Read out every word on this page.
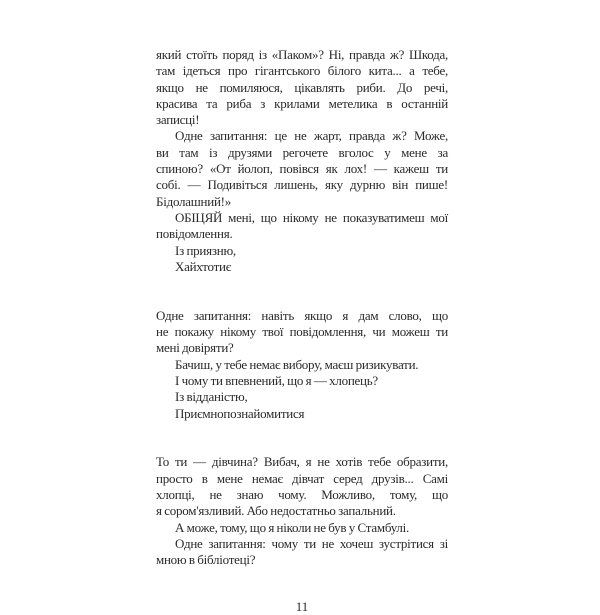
який стоїть поряд із «Паком»? Ні, правда ж? Шкода,
там ідеться про гігантського білого кита... а тебе,
якщо не помиляюся, цікавлять риби. До речі,
красива та риба з крилами метелика в останній
записці!
Одне запитання: це не жарт, правда ж? Може,
ви там із друзями регочете вголос у мене за
спиною? «От йолоп, повівся як лох! — кажеш ти
собі. — Подивіться лишень, яку дурню він пише!
Бідолашний!»
ОБІЦЯЙ мені, що нікому не показуватимеш мої
повідомлення.
Із приязню,
Хайхтотиє
Одне запитання: навіть якщо я дам слово, що
не покажу нікому твої повідомлення, чи можеш ти
мені довіряти?
Бачиш, у тебе немає вибору, маєш ризикувати.
І чому ти впевнений, що я — хлопець?
Із відданістю,
Приємнопознайомитися
То ти — дівчина? Вибач, я не хотів тебе образити,
просто в мене немає дівчат серед друзів... Самі
хлопці, не знаю чому. Можливо, тому, що
я сором'язливий. Або недостатньо запальний.
А може, тому, що я ніколи не був у Стамбулі.
Одне запитання: чому ти не хочеш зустрітися зі
мною в бібліотеці?
11
